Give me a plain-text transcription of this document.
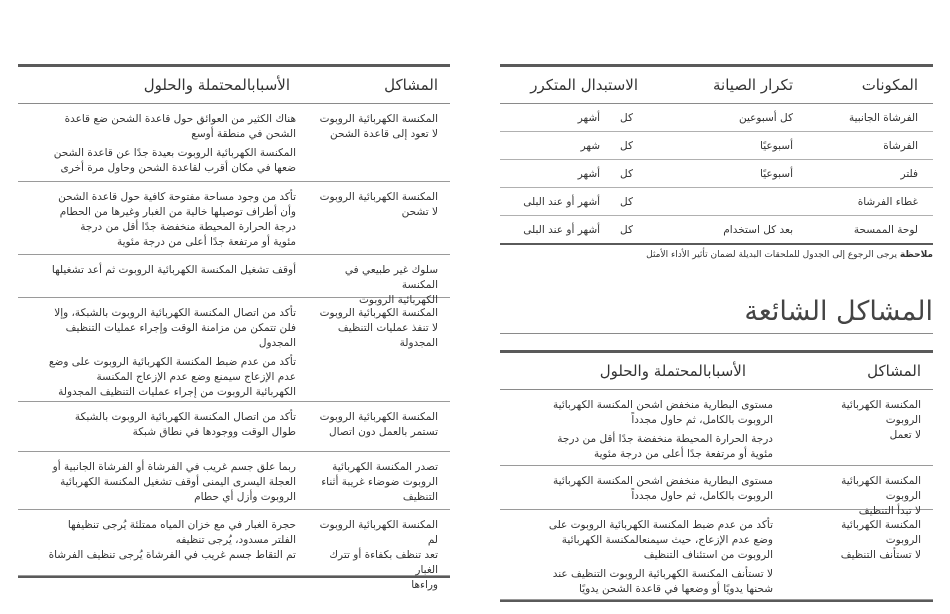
المشاكل
الأسبابالمحتملة والحلول
المكنسة الكهربائية الروبوت
لا تعود إلى قاعدة الشحن
هناك الكثير من العوائق حول قاعدة الشحن ضع قاعدة
الشحن في منطقة أوسع
المكنسة الكهربائية الروبوت بعيدة جدًا عن قاعدة الشحن
ضعها في مكان أقرب لقاعدة الشحن وحاول مرة أخرى
المكنسة الكهربائية الروبوت
لا تشحن
تأكد من وجود مساحة مفتوحة كافية حول قاعدة الشحن
وأن أطراف توصيلها خالية من الغبار وغيرها من الحطام
درجة الحرارة المحيطة منخفضة جدًا أقل من درجة
مئوية أو مرتفعة جدًا أعلى من درجة مئوية
سلوك غير طبيعي في المكنسة
الكهربائية الروبوت
أوقف تشغيل المكنسة الكهربائية الروبوت ثم أعد تشغيلها
المكنسة الكهربائية الروبوت
لا تنفذ عمليات التنظيف
المجدولة
تأكد من اتصال المكنسة الكهربائية الروبوت بالشبكة، وإلا
فلن تتمكن من مزامنة الوقت وإجراء عمليات التنظيف
المجدول
تأكد من عدم ضبط المكنسة الكهربائية الروبوت على وضع
عدم الإزعاج سيمنع وضع عدم الإزعاج المكنسة
الكهربائية الروبوت من إجراء عمليات التنظيف المجدولة
المكنسة الكهربائية الروبوت
تستمر بالعمل دون اتصال
تأكد من اتصال المكنسة الكهربائية الروبوت بالشبكة
طوال الوقت ووجودها في نطاق شبكة
تصدر المكنسة الكهربائية
الروبوت ضوضاء غريبة أثناء
التنظيف
ربما علق جسم غريب في الفرشاة أو الفرشاة الجانبية أو
العجلة اليسرى اليمنى أوقف تشغيل المكنسة الكهربائية
الروبوت وأزل أي حطام
المكنسة الكهربائية الروبوت لم
تعد تنظف بكفاءة أو تترك الغبار
وراءها
حجرة الغبار في مع خزان المياه ممتلئة يُرجى تنظيفها
الفلتر مسدود، يُرجى تنظيفه
تم التقاط جسم غريب في الفرشاة يُرجى تنظيف الفرشاة
المكونات
تكرار الصيانة
الاستبدال المتكرر
الفرشاة الجانبية
كل أسبوعين
كل
أشهر
الفرشاة
أسبوعيًا
كل
شهر
فلتر
أسبوعيًا
كل
أشهر
غطاء الفرشاة
كل
أشهر أو عند البلى
لوحة الممسحة
بعد كل استخدام
كل
أشهر أو عند البلى
ملاحظة يرجى الرجوع إلى الجدول للملحقات البديلة لضمان تأثير الأداء الأمثل
المشاكل الشائعة
المشاكل
الأسبابالمحتملة والحلول
المكنسة الكهربائية الروبوت
لا تعمل
مستوى البطارية منخفض اشحن المكنسة الكهربائية
الروبوت بالكامل، ثم حاول مجدداً
درجة الحرارة المحيطة منخفضة جدًا أقل من درجة
مئوية أو مرتفعة جدًا أعلى من درجة مئوية
المكنسة الكهربائية الروبوت
لا تبدأ التنظيف
مستوى البطارية منخفض اشحن المكنسة الكهربائية
الروبوت بالكامل، ثم حاول مجدداً
المكنسة الكهربائية الروبوت
لا تستأنف التنظيف
تأكد من عدم ضبط المكنسة الكهربائية الروبوت على
وضع عدم الإزعاج، حيث سيمنعالمكنسة الكهربائية
الروبوت من استئناف التنظيف
لا تستأنف المكنسة الكهربائية الروبوت التنظيف عند
شحنها يدويًا أو وضعها في قاعدة الشحن يدويًا
